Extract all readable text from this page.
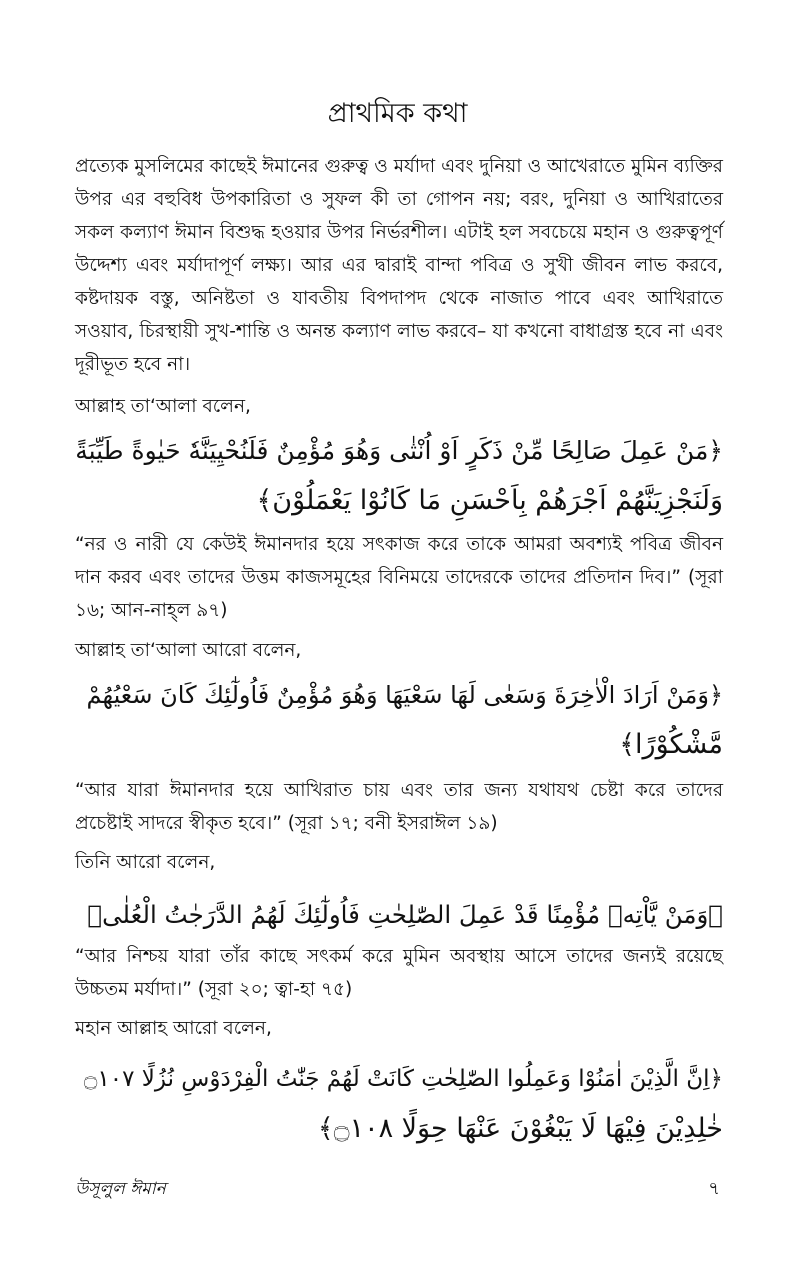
প্রাথমিক কথা
প্রত্যেক মুসলিমের কাছেই ঈমানের গুরুত্ব ও মর্যাদা এবং দুনিয়া ও আখেরাতে মুমিন ব্যক্তির উপর এর বহুবিধ উপকারিতা ও সুফল কী তা গোপন নয়; বরং, দুনিয়া ও আখিরাতের সকল কল্যাণ ঈমান বিশুদ্ধ হওয়ার উপর নির্ভরশীল। এটাই হল সবচেয়ে মহান ও গুরুত্বপূর্ণ উদ্দেশ্য এবং মর্যাদাপূর্ণ লক্ষ্য। আর এর দ্বারাই বান্দা পবিত্র ও সুখী জীবন লাভ করবে, কষ্টদায়ক বস্তু, অনিষ্টতা ও যাবতীয় বিপদাপদ থেকে নাজাত পাবে এবং আখিরাতে সওয়াব, চিরস্থায়ী সুখ-শান্তি ও অনন্ত কল্যাণ লাভ করবে– যা কখনো বাধাগ্রস্ত হবে না এবং দূরীভূত হবে না।
আল্লাহ তা‘আলা বলেন,
﴿مَنْ عَمِلَ صَالِحًا مِّنْ ذَكَرٍ اَوْ اُنْثٰى وَهُوَ مُؤْمِنٌ فَلَنُحْيِيَنَّهٗ حَيٰوةً طَيِّبَةً
وَلَنَجْزِيَنَّهُمْ اَجْرَهُمْ بِاَحْسَنِ مَا كَانُوْا يَعْمَلُوْنَ﴾
“নর ও নারী যে কেউই ঈমানদার হয়ে সৎকাজ করে তাকে আমরা অবশ্যই পবিত্র জীবন দান করব এবং তাদের উত্তম কাজসমূহের বিনিময়ে তাদেরকে তাদের প্রতিদান দিব।” (সূরা ১৬; আন-নাহ্‌ল ৯৭)
আল্লাহ তা‘আলা আরো বলেন,
﴿وَمَنْ اَرَادَ الْاٰخِرَةَ وَسَعٰى لَهَا سَعْيَهَا وَهُوَ مُؤْمِنٌ فَاُولٰٓئِكَ كَانَ سَعْيُهُمْ
مَّشْكُوْرًا﴾
“আর যারা ঈমানদার হয়ে আখিরাত চায় এবং তার জন্য যথাযথ চেষ্টা করে তাদের প্রচেষ্টাই সাদরে স্বীকৃত হবে।” (সূরা ১৭; বনী ইসরাঈল ১৯)
তিনি আরো বলেন,
﴿وَمَنْ يَّاْتِهٖ مُؤْمِنًا قَدْ عَمِلَ الصّٰلِحٰتِ فَاُولٰٓئِكَ لَهُمُ الدَّرَجٰتُ الْعُلٰى﴾
“আর নিশ্চয় যারা তাঁর কাছে সৎকর্ম করে মুমিন অবস্থায় আসে তাদের জন্যই রয়েছে উচ্চতম মর্যাদা।” (সূরা ২০; ত্বা-হা ৭৫)
মহান আল্লাহ আরো বলেন,
﴿اِنَّ الَّذِيْنَ اٰمَنُوْا وَعَمِلُوا الصّٰلِحٰتِ كَانَتْ لَهُمْ جَنّٰتُ الْفِرْدَوْسِ نُزُلًا ۝١٠٧
خٰلِدِيْنَ فِيْهَا لَا يَبْغُوْنَ عَنْهَا حِوَلًا ۝١٠٨﴾
উসূলুল ঈমান	৭
